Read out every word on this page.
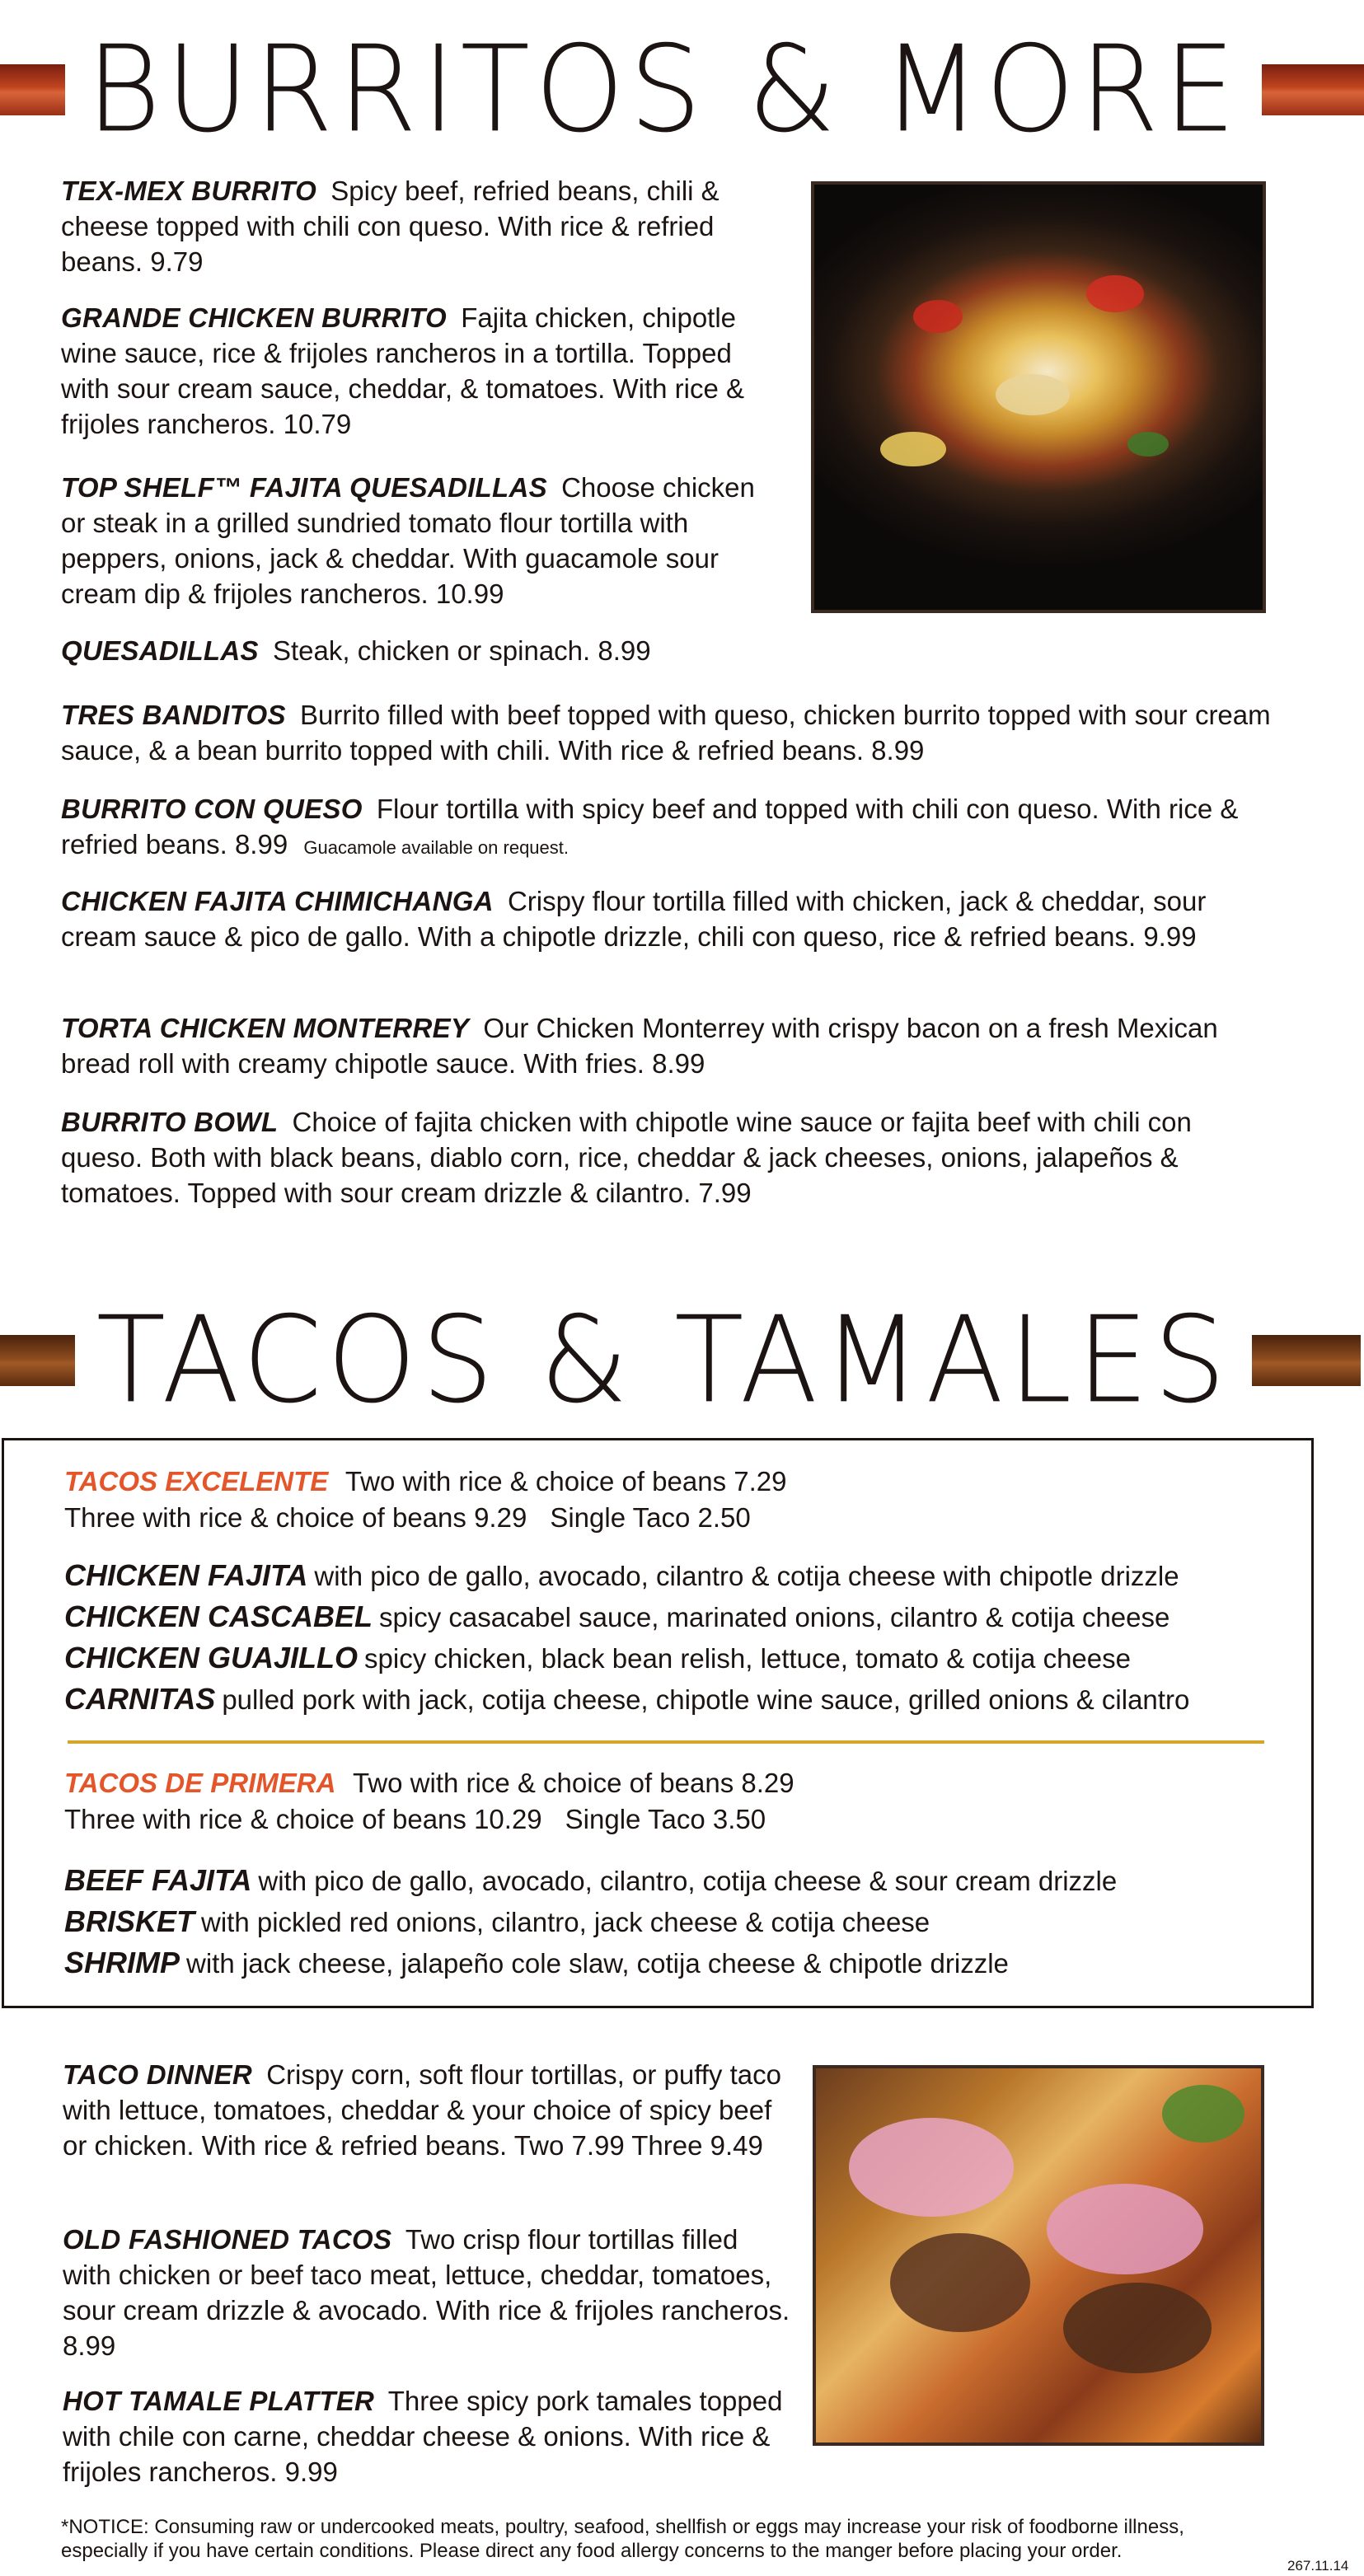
BURRITOS & MORE
TEX-MEX BURRITO Spicy beef, refried beans, chili & cheese topped with chili con queso. With rice & refried beans. 9.79
GRANDE CHICKEN BURRITO Fajita chicken, chipotle wine sauce, rice & frijoles rancheros in a tortilla. Topped with sour cream sauce, cheddar, & tomatoes. With rice & frijoles rancheros. 10.79
TOP SHELF™ FAJITA QUESADILLAS Choose chicken or steak in a grilled sundried tomato flour tortilla with peppers, onions, jack & cheddar. With guacamole sour cream dip & frijoles rancheros. 10.99
QUESADILLAS Steak, chicken or spinach. 8.99
TRES BANDITOS Burrito filled with beef topped with queso, chicken burrito topped with sour cream sauce, & a bean burrito topped with chili. With rice & refried beans. 8.99
BURRITO CON QUESO Flour tortilla with spicy beef and topped with chili con queso. With rice & refried beans. 8.99 Guacamole available on request.
CHICKEN FAJITA CHIMICHANGA Crispy flour tortilla filled with chicken, jack & cheddar, sour cream sauce & pico de gallo. With a chipotle drizzle, chili con queso, rice & refried beans. 9.99
TORTA CHICKEN MONTERREY Our Chicken Monterrey with crispy bacon on a fresh Mexican bread roll with creamy chipotle sauce. With fries. 8.99
BURRITO BOWL Choice of fajita chicken with chipotle wine sauce or fajita beef with chili con queso. Both with black beans, diablo corn, rice, cheddar & jack cheeses, onions, jalapeños & tomatoes. Topped with sour cream drizzle & cilantro. 7.99
TACOS & TAMALES
TACOS EXCELENTE Two with rice & choice of beans 7.29
Three with rice & choice of beans 9.29 Single Taco 2.50
CHICKEN FAJITA with pico de gallo, avocado, cilantro & cotija cheese with chipotle drizzle
CHICKEN CASCABEL spicy casacabel sauce, marinated onions, cilantro & cotija cheese
CHICKEN GUAJILLO spicy chicken, black bean relish, lettuce, tomato & cotija cheese
CARNITAS pulled pork with jack, cotija cheese, chipotle wine sauce, grilled onions & cilantro
TACOS DE PRIMERA Two with rice & choice of beans 8.29
Three with rice & choice of beans 10.29 Single Taco 3.50
BEEF FAJITA with pico de gallo, avocado, cilantro, cotija cheese & sour cream drizzle
BRISKET with pickled red onions, cilantro, jack cheese & cotija cheese
SHRIMP with jack cheese, jalapeño cole slaw, cotija cheese & chipotle drizzle
TACO DINNER Crispy corn, soft flour tortillas, or puffy taco with lettuce, tomatoes, cheddar & your choice of spicy beef or chicken. With rice & refried beans. Two 7.99 Three 9.49
OLD FASHIONED TACOS Two crisp flour tortillas filled with chicken or beef taco meat, lettuce, cheddar, tomatoes, sour cream drizzle & avocado. With rice & frijoles rancheros. 8.99
HOT TAMALE PLATTER Three spicy pork tamales topped with chile con carne, cheddar cheese & onions. With rice & frijoles rancheros. 9.99
*NOTICE: Consuming raw or undercooked meats, poultry, seafood, shellfish or eggs may increase your risk of foodborne illness, especially if you have certain conditions. Please direct any food allergy concerns to the manger before placing your order.
267.11.14
